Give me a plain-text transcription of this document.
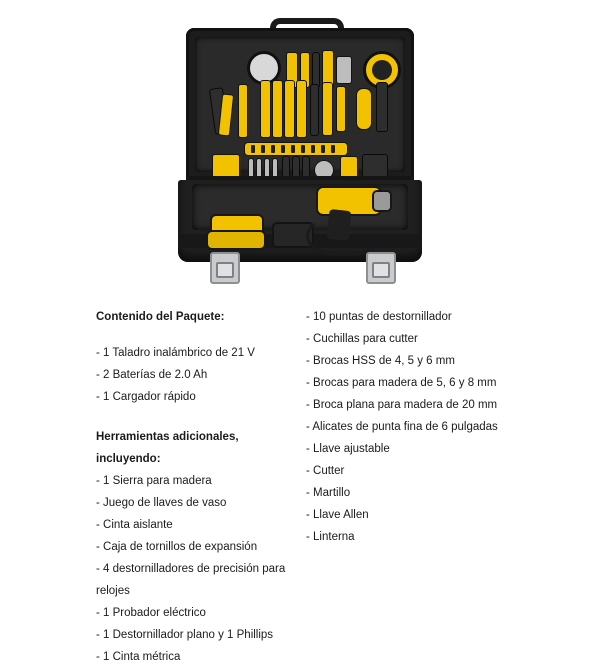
Contenido del Paquete:

- 1 Taladro inalámbrico de 21 V

- 2 Baterías de 2.0 Ah

- 1 Cargador rápido

Herramientas adicionales, incluyendo:

- 1 Sierra para madera

- Juego de llaves de vaso

- Cinta aislante

- Caja de tornillos de expansión

- 4 destornilladores de precisión para relojes

- 1 Probador eléctrico

- 1 Destornillador plano y 1 Phillips

- 1 Cinta métrica

- 10 puntas de destornillador

- Cuchillas para cutter

- Brocas HSS de 4, 5 y 6 mm

- Brocas para madera de 5, 6 y 8 mm

- Broca plana para madera de 20 mm

- Alicates de punta fina de 6 pulgadas

- Llave ajustable

- Cutter

- Martillo

- Llave Allen

- Linterna
